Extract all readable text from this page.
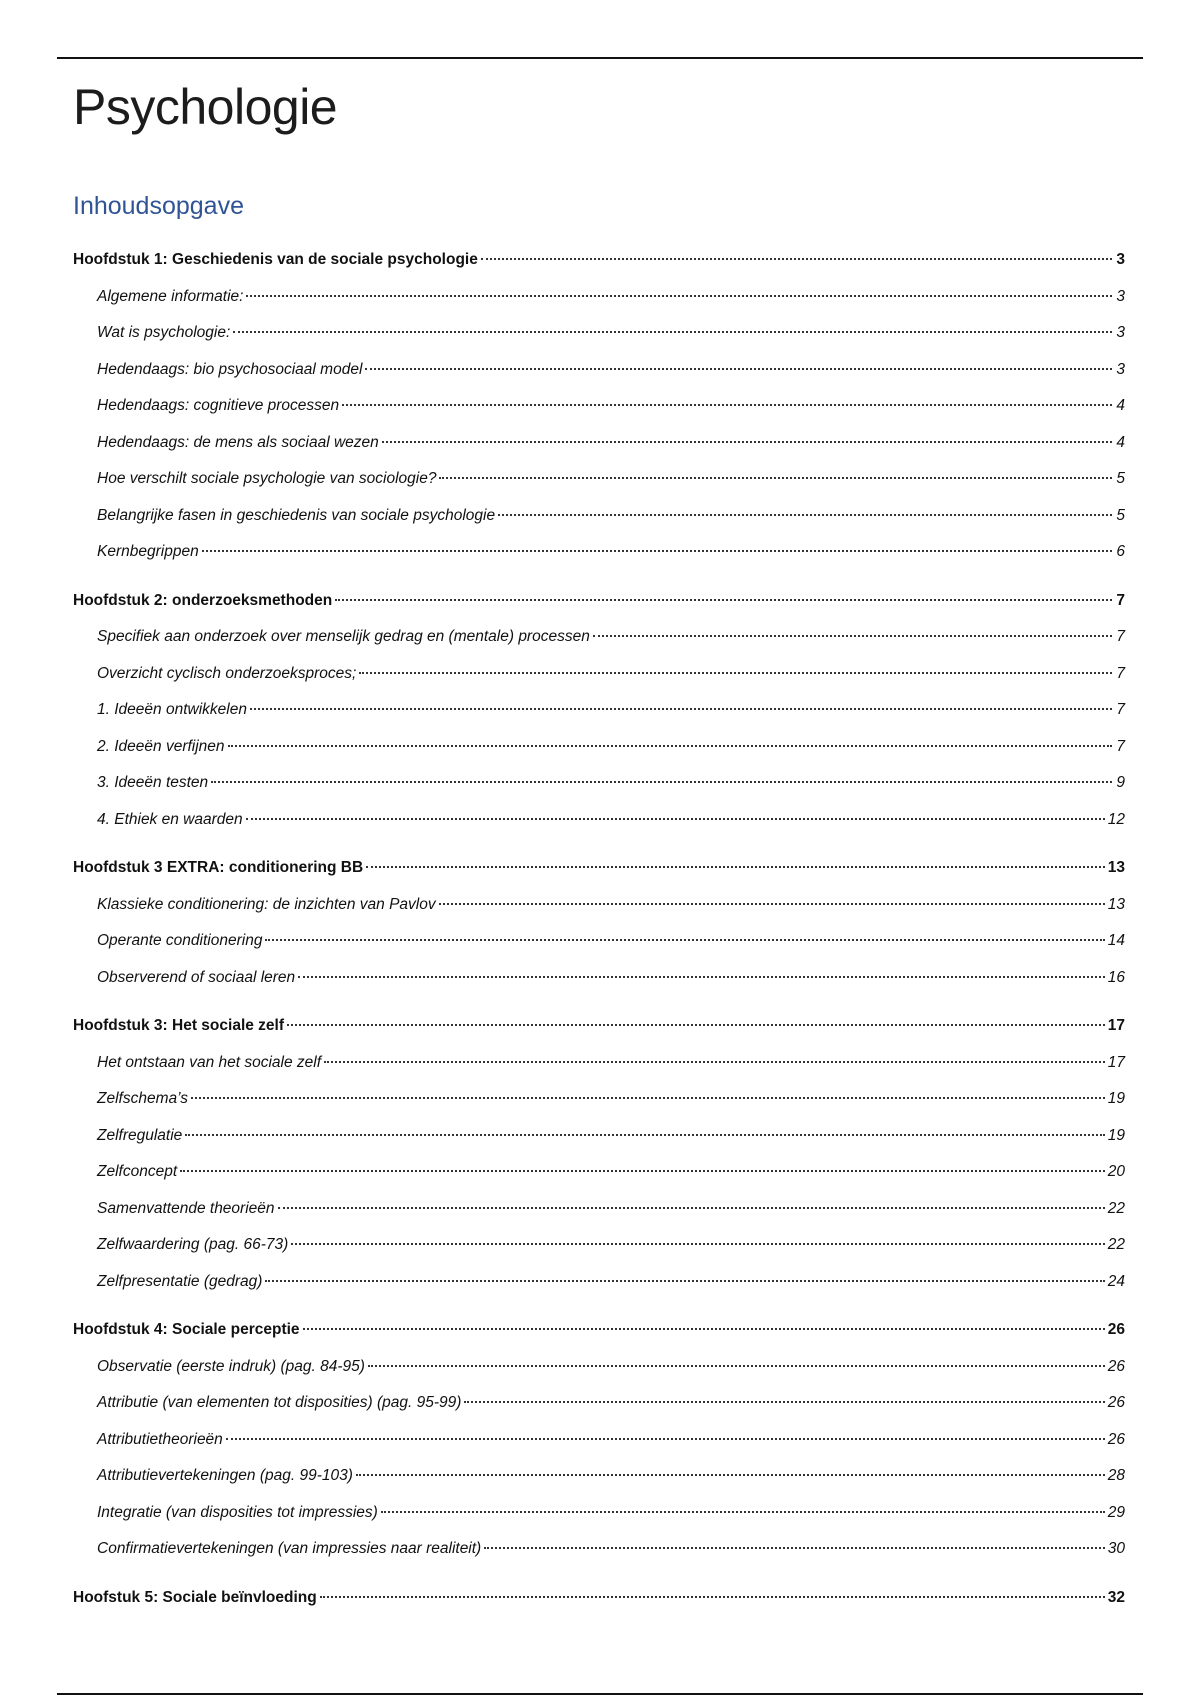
Psychologie
Inhoudsopgave
Hoofdstuk 1: Geschiedenis van de sociale psychologie	3
Algemene informatie:	3
Wat is psychologie:	3
Hedendaags: bio psychosociaal model	3
Hedendaags: cognitieve processen	4
Hedendaags: de mens als sociaal wezen	4
Hoe verschilt sociale psychologie van sociologie?	5
Belangrijke fasen in geschiedenis van sociale psychologie	5
Kernbegrippen	6
Hoofdstuk 2: onderzoeksmethoden	7
Specifiek aan onderzoek over menselijk gedrag en (mentale) processen	7
Overzicht cyclisch onderzoeksproces;	7
1. Ideeën ontwikkelen	7
2. Ideeën verfijnen	7
3. Ideeën testen	9
4. Ethiek en waarden	12
Hoofdstuk 3 EXTRA: conditionering BB	13
Klassieke conditionering: de inzichten van Pavlov	13
Operante conditionering	14
Observerend of sociaal leren	16
Hoofdstuk 3: Het sociale zelf	17
Het ontstaan van het sociale zelf	17
Zelfschema’s	19
Zelfregulatie	19
Zelfconcept	20
Samenvattende theorieën	22
Zelfwaardering (pag. 66-73)	22
Zelfpresentatie (gedrag)	24
Hoofdstuk 4: Sociale perceptie	26
Observatie (eerste indruk) (pag. 84-95)	26
Attributie (van elementen tot disposities) (pag. 95-99)	26
Attributietheorieën	26
Attributievertekeningen (pag. 99-103)	28
Integratie (van disposities tot impressies)	29
Confirmatievertekeningen (van impressies naar realiteit)	30
Hoofstuk 5: Sociale beïnvloeding	32
